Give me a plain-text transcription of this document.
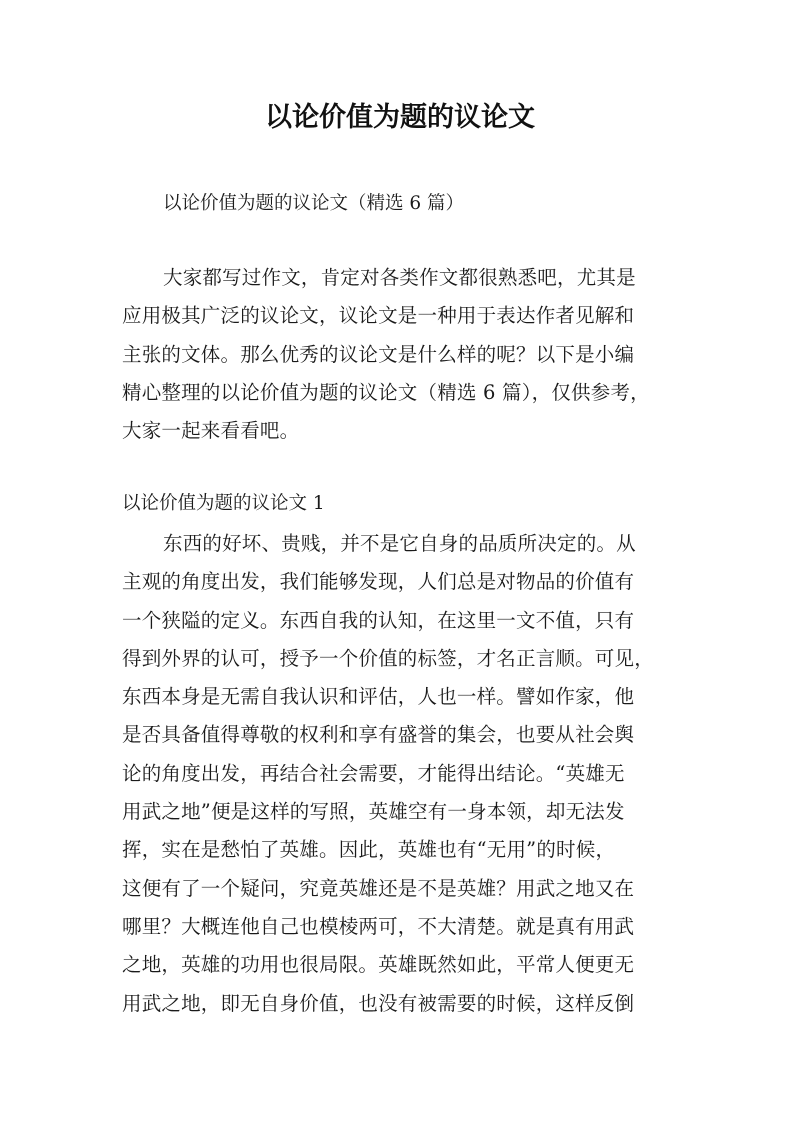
以论价值为题的议论文

以论价值为题的议论文（精选 6 篇）

大家都写过作文，肯定对各类作文都很熟悉吧，尤其是
应用极其广泛的议论文，议论文是一种用于表达作者见解和
主张的文体。那么优秀的议论文是什么样的呢？以下是小编
精心整理的以论价值为题的议论文（精选 6 篇），仅供参考，
大家一起来看看吧。

以论价值为题的议论文 1

东西的好坏、贵贱，并不是它自身的品质所决定的。从
主观的角度出发，我们能够发现，人们总是对物品的价值有
一个狭隘的定义。东西自我的认知，在这里一文不值，只有
得到外界的认可，授予一个价值的标签，才名正言顺。可见，
东西本身是无需自我认识和评估，人也一样。譬如作家，他
是否具备值得尊敬的权利和享有盛誉的集会，也要从社会舆
论的角度出发，再结合社会需要，才能得出结论。“英雄无
用武之地”便是这样的写照，英雄空有一身本领，却无法发
挥，实在是愁怕了英雄。因此，英雄也有“无用”的时候，
这便有了一个疑问，究竟英雄还是不是英雄？用武之地又在
哪里？大概连他自己也模棱两可，不大清楚。就是真有用武
之地，英雄的功用也很局限。英雄既然如此，平常人便更无
用武之地，即无自身价值，也没有被需要的时候，这样反倒
